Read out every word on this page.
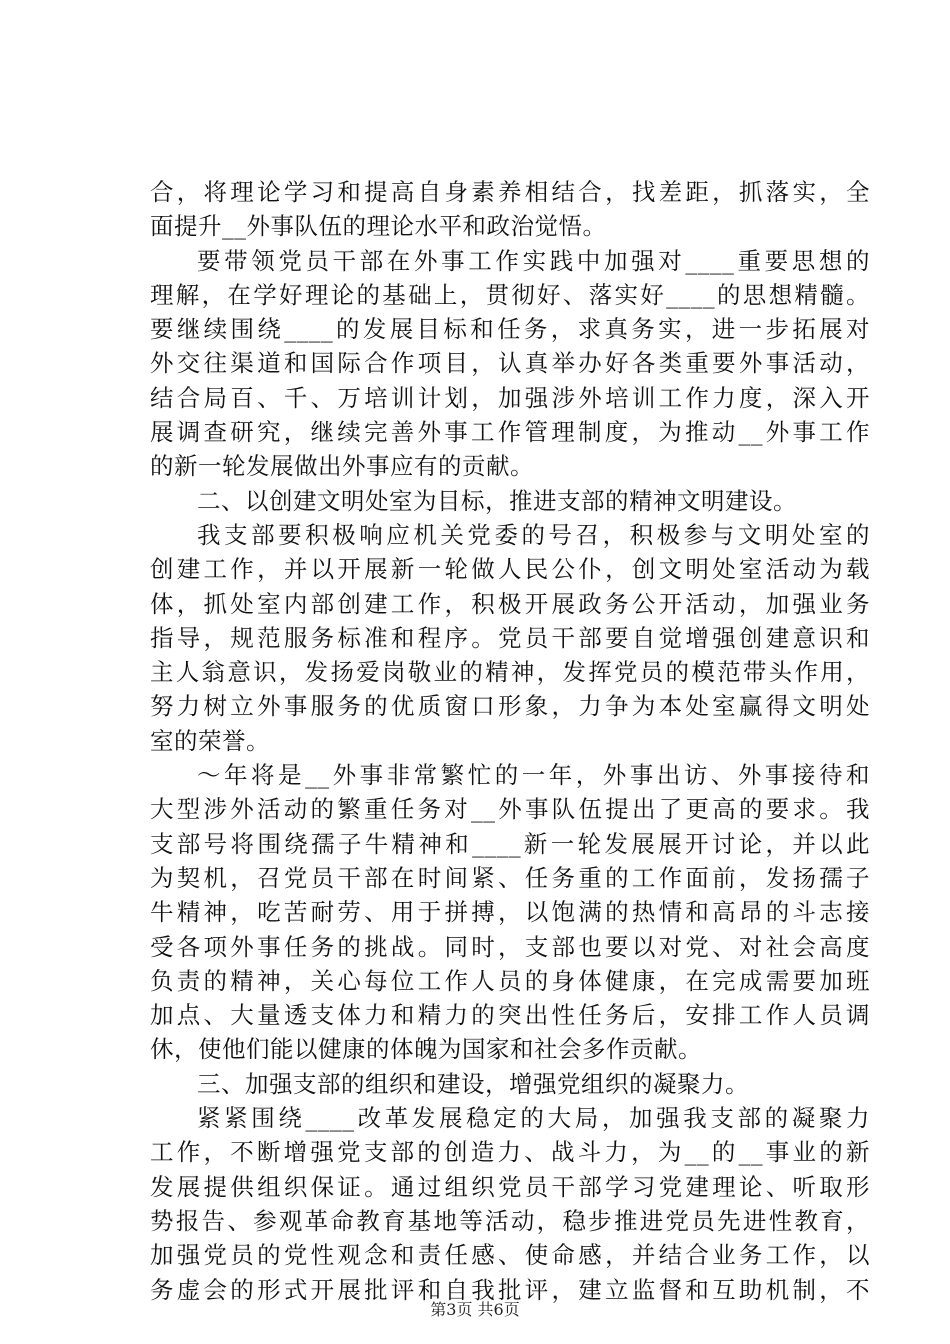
合，将理论学习和提高自身素养相结合，找差距，抓落实，全
面提升__外事队伍的理论水平和政治觉悟。
要带领党员干部在外事工作实践中加强对____重要思想的
理解，在学好理论的基础上，贯彻好、落实好____的思想精髓。
要继续围绕____的发展目标和任务，求真务实，进一步拓展对
外交往渠道和国际合作项目，认真举办好各类重要外事活动，
结合局百、千、万培训计划，加强涉外培训工作力度，深入开
展调查研究，继续完善外事工作管理制度，为推动__外事工作
的新一轮发展做出外事应有的贡献。
二、以创建文明处室为目标，推进支部的精神文明建设。
我支部要积极响应机关党委的号召，积极参与文明处室的
创建工作，并以开展新一轮做人民公仆，创文明处室活动为载
体，抓处室内部创建工作，积极开展政务公开活动，加强业务
指导，规范服务标准和程序。党员干部要自觉增强创建意识和
主人翁意识，发扬爱岗敬业的精神，发挥党员的模范带头作用，
努力树立外事服务的优质窗口形象，力争为本处室赢得文明处
室的荣誉。
～年将是__外事非常繁忙的一年，外事出访、外事接待和
大型涉外活动的繁重任务对__外事队伍提出了更高的要求。我
支部号将围绕孺子牛精神和____新一轮发展展开讨论，并以此
为契机，召党员干部在时间紧、任务重的工作面前，发扬孺子
牛精神，吃苦耐劳、用于拼搏，以饱满的热情和高昂的斗志接
受各项外事任务的挑战。同时，支部也要以对党、对社会高度
负责的精神，关心每位工作人员的身体健康，在完成需要加班
加点、大量透支体力和精力的突出性任务后，安排工作人员调
休，使他们能以健康的体魄为国家和社会多作贡献。
三、加强支部的组织和建设，增强党组织的凝聚力。
紧紧围绕____改革发展稳定的大局，加强我支部的凝聚力
工作，不断增强党支部的创造力、战斗力，为__的__事业的新
发展提供组织保证。通过组织党员干部学习党建理论、听取形
势报告、参观革命教育基地等活动，稳步推进党员先进性教育，
加强党员的党性观念和责任感、使命感，并结合业务工作，以
务虚会的形式开展批评和自我批评，建立监督和互助机制，不
第3页 共6页
